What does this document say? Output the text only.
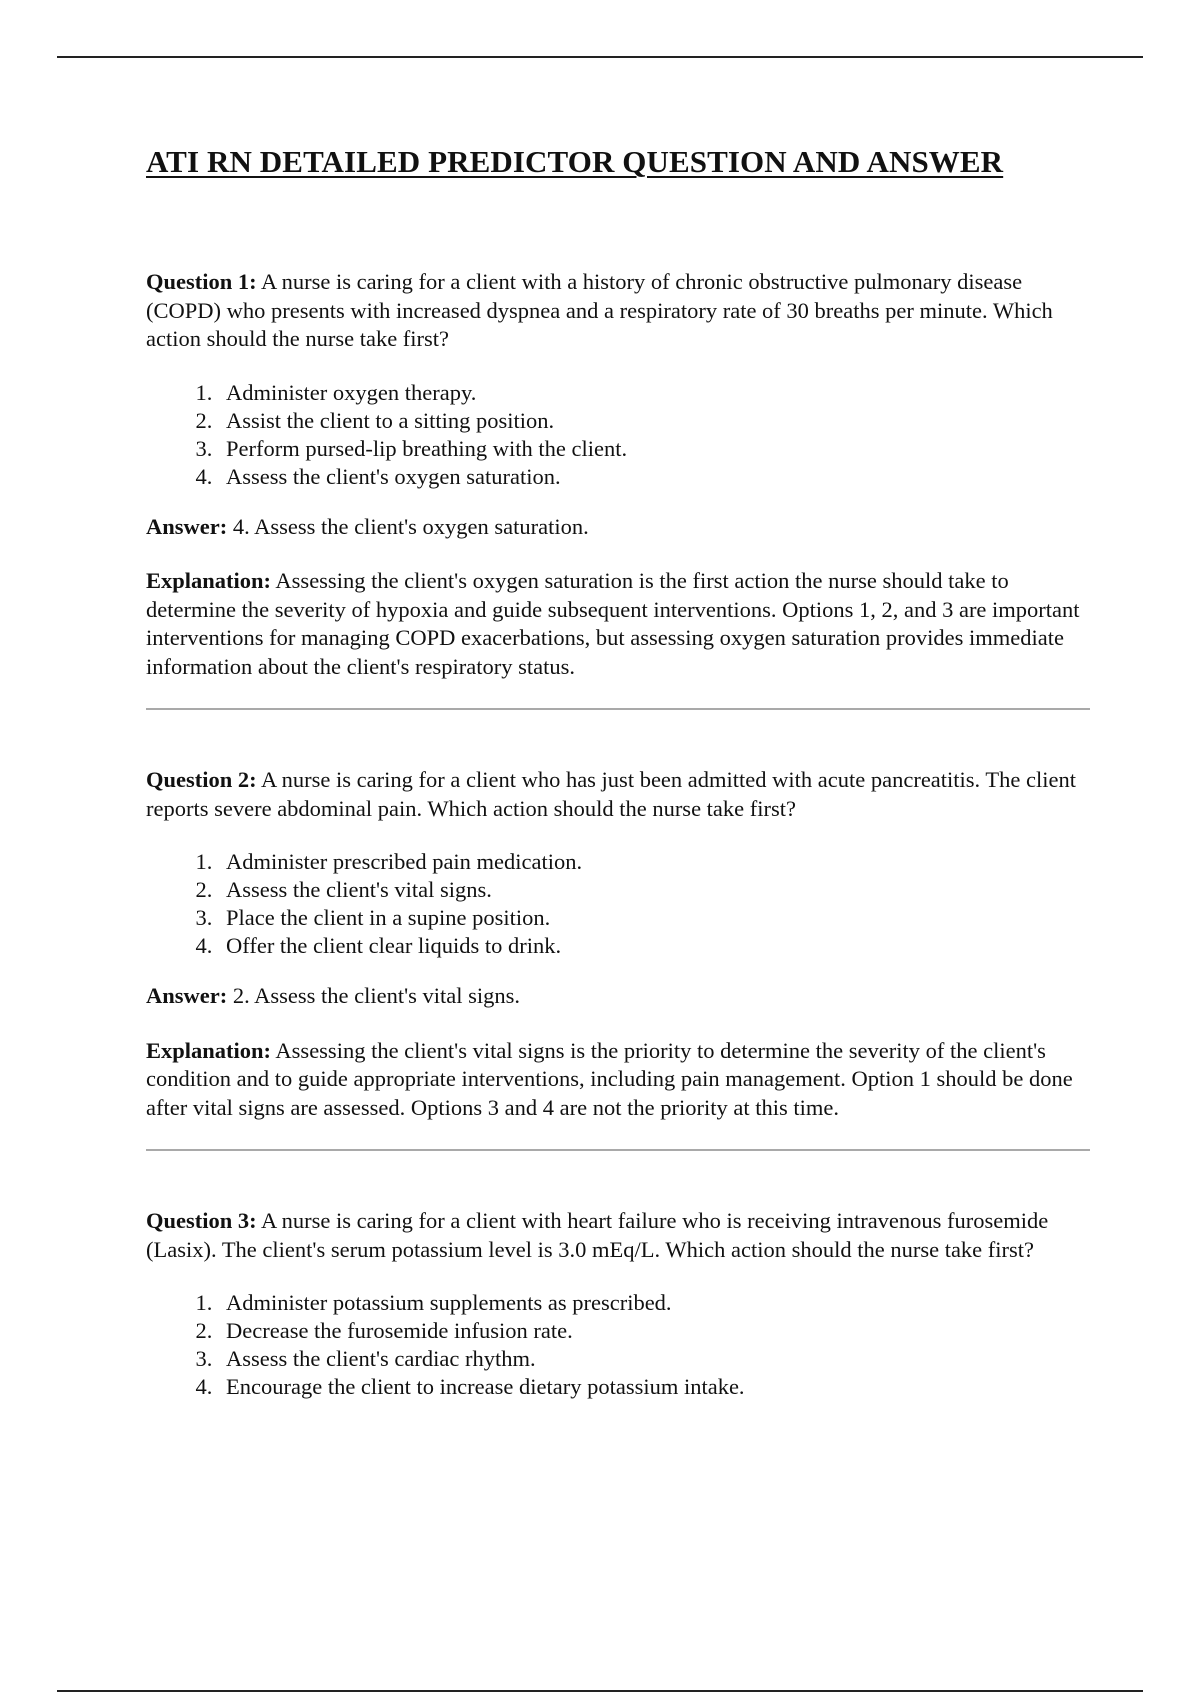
ATI RN DETAILED PREDICTOR QUESTION AND ANSWER

Question 1: A nurse is caring for a client with a history of chronic obstructive pulmonary disease (COPD) who presents with increased dyspnea and a respiratory rate of 30 breaths per minute. Which action should the nurse take first?

1. Administer oxygen therapy.
2. Assist the client to a sitting position.
3. Perform pursed-lip breathing with the client.
4. Assess the client's oxygen saturation.

Answer: 4. Assess the client's oxygen saturation.

Explanation: Assessing the client's oxygen saturation is the first action the nurse should take to determine the severity of hypoxia and guide subsequent interventions. Options 1, 2, and 3 are important interventions for managing COPD exacerbations, but assessing oxygen saturation provides immediate information about the client's respiratory status.

Question 2: A nurse is caring for a client who has just been admitted with acute pancreatitis. The client reports severe abdominal pain. Which action should the nurse take first?

1. Administer prescribed pain medication.
2. Assess the client's vital signs.
3. Place the client in a supine position.
4. Offer the client clear liquids to drink.

Answer: 2. Assess the client's vital signs.

Explanation: Assessing the client's vital signs is the priority to determine the severity of the client's condition and to guide appropriate interventions, including pain management. Option 1 should be done after vital signs are assessed. Options 3 and 4 are not the priority at this time.

Question 3: A nurse is caring for a client with heart failure who is receiving intravenous furosemide (Lasix). The client's serum potassium level is 3.0 mEq/L. Which action should the nurse take first?

1. Administer potassium supplements as prescribed.
2. Decrease the furosemide infusion rate.
3. Assess the client's cardiac rhythm.
4. Encourage the client to increase dietary potassium intake.
